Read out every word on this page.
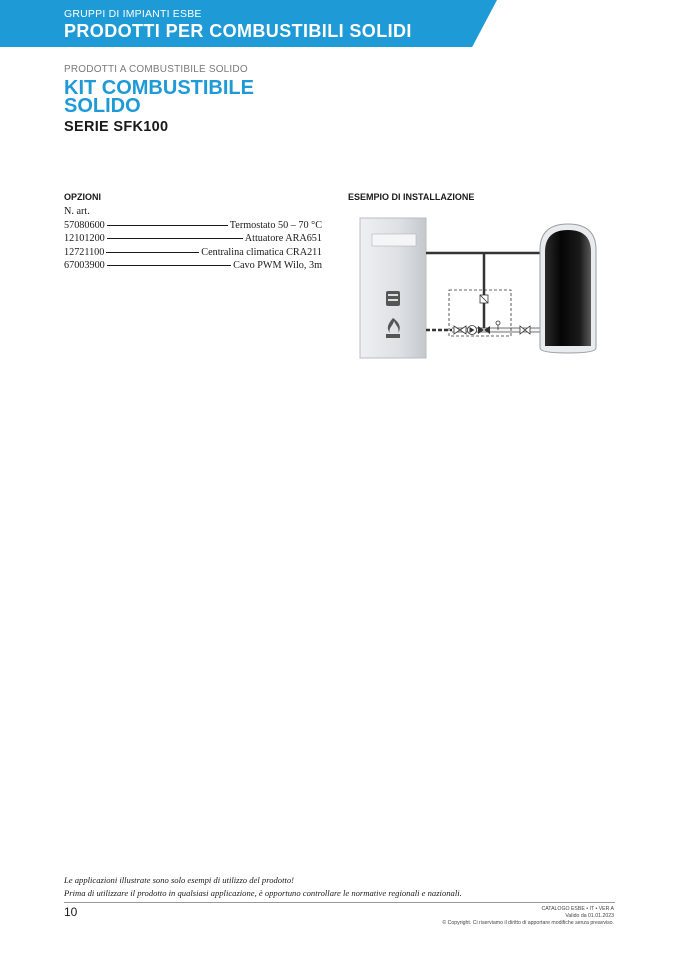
GRUPPI DI IMPIANTI ESBE
PRODOTTI PER COMBUSTIBILI SOLIDI
PRODOTTI A COMBUSTIBILE SOLIDO
KIT COMBUSTIBILE SOLIDO
SERIE SFK100
OPZIONI	ESEMPIO DI INSTALLAZIONE
N. art.
57080600	Termostato 50 – 70 °C
12101200	Attuatore ARA651
12721100	Centralina climatica CRA211
67003900	Cavo PWM Wilo, 3m
Le applicazioni illustrate sono solo esempi di utilizzo del prodotto!
Prima di utilizzare il prodotto in qualsiasi applicazione, è opportuno controllare le normative regionali e nazionali.
10	CATALOGO ESBE • IT • VER A
Valido da 01.01.2023
© Copyright. Ci riserviamo il diritto di apportare modifiche senza preavviso.
